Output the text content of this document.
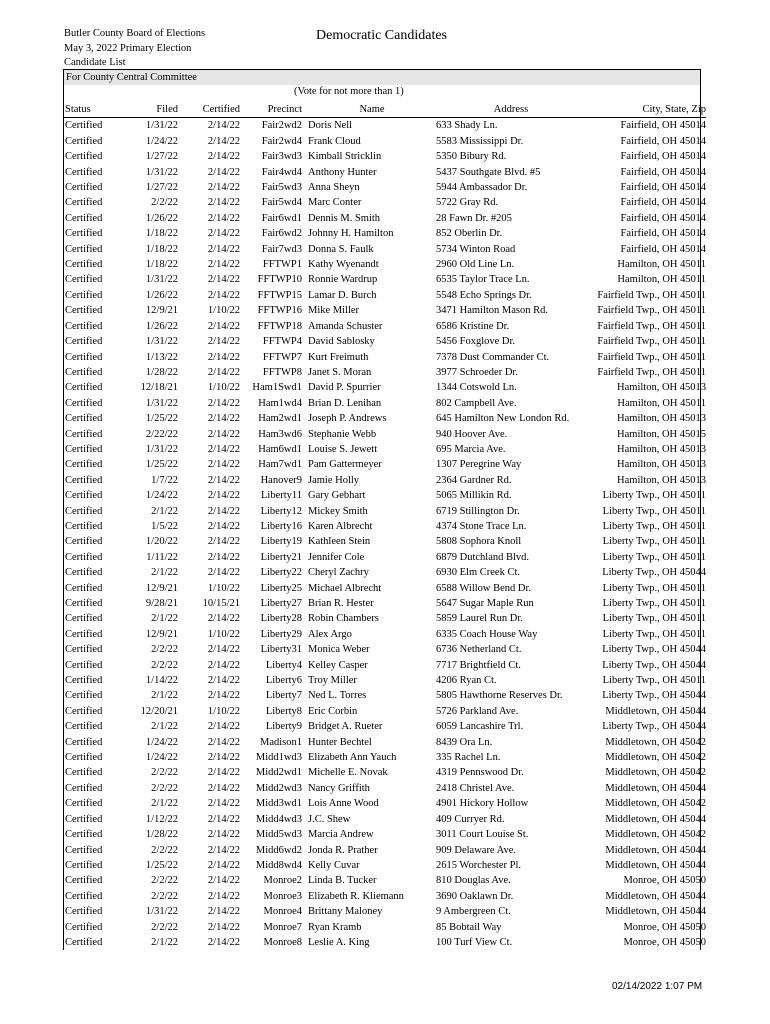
Butler County Board of Elections
May 3, 2022 Primary Election
Candidate List
Democratic Candidates
For County Central Committee
(Vote for not more than 1)
Status	Filed	Certified	Precinct	Name	Address	City, State, Zip
Certified	1/31/22	2/14/22	Fair2wd2	Doris Nell	633 Shady Ln.	Fairfield, OH 45014
Certified	1/24/22	2/14/22	Fair2wd4	Frank Cloud	5583 Mississippi Dr.	Fairfield, OH 45014
Certified	1/27/22	2/14/22	Fair3wd3	Kimball Stricklin	5350 Bibury Rd.	Fairfield, OH 45014
Certified	1/31/22	2/14/22	Fair4wd4	Anthony Hunter	5437 Southgate Blvd. #5	Fairfield, OH 45014
Certified	1/27/22	2/14/22	Fair5wd3	Anna Sheyn	5944 Ambassador Dr.	Fairfield, OH 45014
Certified	2/2/22	2/14/22	Fair5wd4	Marc Conter	5722 Gray Rd.	Fairfield, OH 45014
Certified	1/26/22	2/14/22	Fair6wd1	Dennis M. Smith	28 Fawn Dr. #205	Fairfield, OH 45014
Certified	1/18/22	2/14/22	Fair6wd2	Johnny H. Hamilton	852 Oberlin Dr.	Fairfield, OH 45014
Certified	1/18/22	2/14/22	Fair7wd3	Donna S. Faulk	5734 Winton Road	Fairfield, OH 45014
Certified	1/18/22	2/14/22	FFTWP1	Kathy Wyenandt	2960 Old Line Ln.	Hamilton, OH 45011
Certified	1/31/22	2/14/22	FFTWP10	Ronnie Wardrup	6535 Taylor Trace Ln.	Hamilton, OH 45011
Certified	1/26/22	2/14/22	FFTWP15	Lamar D. Burch	5548 Echo Springs Dr.	Fairfield Twp., OH 45011
Certified	12/9/21	1/10/22	FFTWP16	Mike Miller	3471 Hamilton Mason Rd.	Fairfield Twp., OH 45011
Certified	1/26/22	2/14/22	FFTWP18	Amanda Schuster	6586 Kristine Dr.	Fairfield Twp., OH 45011
Certified	1/31/22	2/14/22	FFTWP4	David Sablosky	5456 Foxglove Dr.	Fairfield Twp., OH 45011
Certified	1/13/22	2/14/22	FFTWP7	Kurt Freimuth	7378 Dust Commander Ct.	Fairfield Twp., OH 45011
Certified	1/28/22	2/14/22	FFTWP8	Janet S. Moran	3977 Schroeder Dr.	Fairfield Twp., OH 45011
Certified	12/18/21	1/10/22	Ham1Swd1	David P. Spurrier	1344 Cotswold Ln.	Hamilton, OH 45013
Certified	1/31/22	2/14/22	Ham1wd4	Brian D. Lenihan	802 Campbell Ave.	Hamilton, OH 45011
Certified	1/25/22	2/14/22	Ham2wd1	Joseph P. Andrews	645 Hamilton New London Rd.	Hamilton, OH 45013
Certified	2/22/22	2/14/22	Ham3wd6	Stephanie Webb	940 Hoover Ave.	Hamilton, OH 45015
Certified	1/31/22	2/14/22	Ham6wd1	Louise S. Jewett	695 Marcia Ave.	Hamilton, OH 45013
Certified	1/25/22	2/14/22	Ham7wd1	Pam Gattermeyer	1307 Peregrine Way	Hamilton, OH 45013
Certified	1/7/22	2/14/22	Hanover9	Jamie Holly	2364 Gardner Rd.	Hamilton, OH 45013
Certified	1/24/22	2/14/22	Liberty11	Gary Gebhart	5065 Millikin Rd.	Liberty Twp., OH 45011
Certified	2/1/22	2/14/22	Liberty12	Mickey Smith	6719 Stillington Dr.	Liberty Twp., OH 45011
Certified	1/5/22	2/14/22	Liberty16	Karen Albrecht	4374 Stone Trace Ln.	Liberty Twp., OH 45011
Certified	1/20/22	2/14/22	Liberty19	Kathleen Stein	5808 Sophora Knoll	Liberty Twp., OH 45011
Certified	1/11/22	2/14/22	Liberty21	Jennifer Cole	6879 Dutchland Blvd.	Liberty Twp., OH 45011
Certified	2/1/22	2/14/22	Liberty22	Cheryl Zachry	6930 Elm Creek Ct.	Liberty Twp., OH 45044
Certified	12/9/21	1/10/22	Liberty25	Michael Albrecht	6588 Willow Bend Dr.	Liberty Twp., OH 45011
Certified	9/28/21	10/15/21	Liberty27	Brian R. Hester	5647 Sugar Maple Run	Liberty Twp., OH 45011
Certified	2/1/22	2/14/22	Liberty28	Robin Chambers	5859 Laurel Run Dr.	Liberty Twp., OH 45011
Certified	12/9/21	1/10/22	Liberty29	Alex Argo	6335 Coach House Way	Liberty Twp., OH 45011
Certified	2/2/22	2/14/22	Liberty31	Monica Weber	6736 Netherland Ct.	Liberty Twp., OH 45044
Certified	2/2/22	2/14/22	Liberty4	Kelley Casper	7717 Brightfield Ct.	Liberty Twp., OH 45044
Certified	1/14/22	2/14/22	Liberty6	Troy Miller	4206 Ryan Ct.	Liberty Twp., OH 45011
Certified	2/1/22	2/14/22	Liberty7	Ned L. Torres	5805 Hawthorne Reserves Dr.	Liberty Twp., OH 45044
Certified	12/20/21	1/10/22	Liberty8	Eric Corbin	5726 Parkland Ave.	Middletown, OH 45044
Certified	2/1/22	2/14/22	Liberty9	Bridget A. Rueter	6059 Lancashire Trl.	Liberty Twp., OH 45044
Certified	1/24/22	2/14/22	Madison1	Hunter Bechtel	8439 Ora Ln.	Middletown, OH 45042
Certified	1/24/22	2/14/22	Midd1wd3	Elizabeth Ann Yauch	335 Rachel Ln.	Middletown, OH 45042
Certified	2/2/22	2/14/22	Midd2wd1	Michelle E. Novak	4319 Pennswood Dr.	Middletown, OH 45042
Certified	2/2/22	2/14/22	Midd2wd3	Nancy Griffith	2418 Christel Ave.	Middletown, OH 45044
Certified	2/1/22	2/14/22	Midd3wd1	Lois Anne Wood	4901 Hickory Hollow	Middletown, OH 45042
Certified	1/12/22	2/14/22	Midd4wd3	J.C. Shew	409 Curryer Rd.	Middletown, OH 45044
Certified	1/28/22	2/14/22	Midd5wd3	Marcia Andrew	3011 Court Louise St.	Middletown, OH 45042
Certified	2/2/22	2/14/22	Midd6wd2	Jonda R. Prather	909 Delaware Ave.	Middletown, OH 45044
Certified	1/25/22	2/14/22	Midd8wd4	Kelly Cuvar	2615 Worchester Pl.	Middletown, OH 45044
Certified	2/2/22	2/14/22	Monroe2	Linda B. Tucker	810 Douglas Ave.	Monroe, OH 45050
Certified	2/2/22	2/14/22	Monroe3	Elizabeth R. Kliemann	3690 Oaklawn Dr.	Middletown, OH 45044
Certified	1/31/22	2/14/22	Monroe4	Brittany Maloney	9 Ambergreen Ct.	Middletown, OH 45044
Certified	2/2/22	2/14/22	Monroe7	Ryan Kramb	85 Bobtail Way	Monroe, OH 45050
Certified	2/1/22	2/14/22	Monroe8	Leslie A. King	100 Turf View Ct.	Monroe, OH 45050
02/14/2022 1:07 PM
